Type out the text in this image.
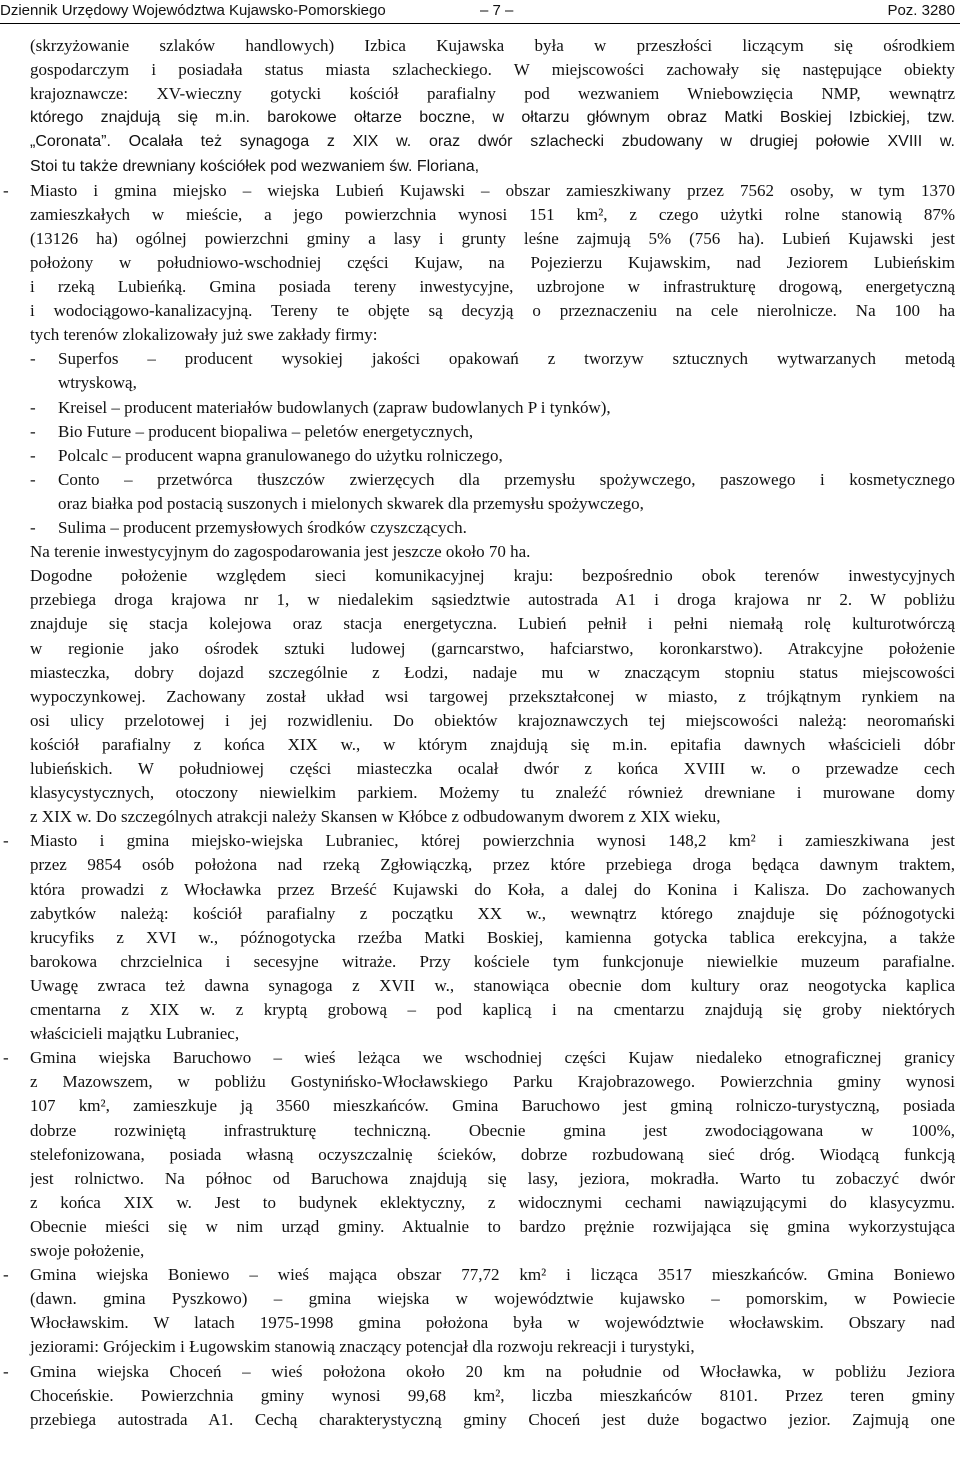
Dziennik Urzędowy Województwa Kujawsko-Pomorskiego	– 7 –	Poz. 3280
(skrzyżowanie szlaków handlowych) Izbica Kujawska była w przeszłości liczącym się ośrodkiem
gospodarczym i posiadała status miasta szlacheckiego. W miejscowości zachowały się następujące obiekty
krajoznawcze: XV-wieczny gotycki kościół parafialny pod wezwaniem Wniebowzięcia NMP, wewnątrz
którego znajdują się m.in. barokowe ołtarze boczne, w ołtarzu głównym obraz Matki Boskiej Izbickiej, tzw.
„Coronata”. Ocalała też synagoga z XIX w. oraz dwór szlachecki zbudowany w drugiej połowie XVIII w.
Stoi tu także drewniany kościółek pod wezwaniem św. Floriana,
- Miasto i gmina miejsko – wiejska Lubień Kujawski – obszar zamieszkiwany przez 7562 osoby, w tym 1370
zamieszkałych w mieście, a jego powierzchnia wynosi 151 km², z czego użytki rolne stanowią 87%
(13126 ha) ogólnej powierzchni gminy a lasy i grunty leśne zajmują 5% (756 ha). Lubień Kujawski jest
położony w południowo-wschodniej części Kujaw, na Pojezierzu Kujawskim, nad Jeziorem Lubieńskim
i rzeką Lubieńką. Gmina posiada tereny inwestycyjne, uzbrojone w infrastrukturę drogową, energetyczną
i wodociągowo-kanalizacyjną. Tereny te objęte są decyzją o przeznaczeniu na cele nierolnicze. Na 100 ha
tych terenów zlokalizowały już swe zakłady firmy:
- Superfos – producent wysokiej jakości opakowań z tworzyw sztucznych wytwarzanych metodą
wtryskową,
- Kreisel – producent materiałów budowlanych (zapraw budowlanych P i tynków),
- Bio Future – producent biopaliwa – peletów energetycznych,
- Polcalc – producent wapna granulowanego do użytku rolniczego,
- Conto – przetwórca tłuszczów zwierzęcych dla przemysłu spożywczego, paszowego i kosmetycznego
oraz białka pod postacią suszonych i mielonych skwarek dla przemysłu spożywczego,
- Sulima – producent przemysłowych środków czyszczących.
Na terenie inwestycyjnym do zagospodarowania jest jeszcze około 70 ha.
Dogodne położenie względem sieci komunikacyjnej kraju: bezpośrednio obok terenów inwestycyjnych
przebiega droga krajowa nr 1, w niedalekim sąsiedztwie autostrada A1 i droga krajowa nr 2. W pobliżu
znajduje się stacja kolejowa oraz stacja energetyczna. Lubień pełnił i pełni niemałą rolę kulturotwórczą
w regionie jako ośrodek sztuki ludowej (garncarstwo, hafciarstwo, koronkarstwo). Atrakcyjne położenie
miasteczka, dobry dojazd szczególnie z Łodzi, nadaje mu w znaczącym stopniu status miejscowości
wypoczynkowej. Zachowany został układ wsi targowej przekształconej w miasto, z trójkątnym rynkiem na
osi ulicy przelotowej i jej rozwidleniu. Do obiektów krajoznawczych tej miejscowości należą: neoromański
kościół parafialny z końca XIX w., w którym znajdują się m.in. epitafia dawnych właścicieli dóbr
lubieńskich. W południowej części miasteczka ocalał dwór z końca XVIII w. o przewadze cech
klasycystycznych, otoczony niewielkim parkiem. Możemy tu znaleźć również drewniane i murowane domy
z XIX w. Do szczególnych atrakcji należy Skansen w Kłóbce z odbudowanym dworem z XIX wieku,
- Miasto i gmina miejsko-wiejska Lubraniec, której powierzchnia wynosi 148,2 km² i zamieszkiwana jest
przez 9854 osób położona nad rzeką Zgłowiączką, przez które przebiega droga będąca dawnym traktem,
która prowadzi z Włocławka przez Brześć Kujawski do Koła, a dalej do Konina i Kalisza. Do zachowanych
zabytków należą: kościół parafialny z początku XX w., wewnątrz którego znajduje się późnogotycki
krucyfiks z XVI w., późnogotycka rzeźba Matki Boskiej, kamienna gotycka tablica erekcyjna, a także
barokowa chrzcielnica i secesyjne witraże. Przy kościele tym funkcjonuje niewielkie muzeum parafialne.
Uwagę zwraca też dawna synagoga z XVII w., stanowiąca obecnie dom kultury oraz neogotycka kaplica
cmentarna z XIX w. z kryptą grobową – pod kaplicą i na cmentarzu znajdują się groby niektórych
właścicieli majątku Lubraniec,
- Gmina wiejska Baruchowo – wieś leżąca we wschodniej części Kujaw niedaleko etnograficznej granicy
z Mazowszem, w pobliżu Gostynińsko-Włocławskiego Parku Krajobrazowego. Powierzchnia gminy wynosi
107 km², zamieszkuje ją 3560 mieszkańców. Gmina Baruchowo jest gminą rolniczo-turystyczną, posiada
dobrze rozwiniętą infrastrukturę techniczną. Obecnie gmina jest zwodociągowana w 100%,
stelefonizowana, posiada własną oczyszczalnię ścieków, dobrze rozbudowaną sieć dróg. Wiodącą funkcją
jest rolnictwo. Na północ od Baruchowa znajdują się lasy, jeziora, mokradła. Warto tu zobaczyć dwór
z końca XIX w. Jest to budynek eklektyczny, z widocznymi cechami nawiązującymi do klasycyzmu.
Obecnie mieści się w nim urząd gminy. Aktualnie to bardzo prężnie rozwijająca się gmina wykorzystująca
swoje położenie,
- Gmina wiejska Boniewo – wieś mająca obszar 77,72 km² i licząca 3517 mieszkańców. Gmina Boniewo
(dawn. gmina Pyszkowo) – gmina wiejska w województwie kujawsko – pomorskim, w Powiecie
Włocławskim. W latach 1975-1998 gmina położona była w województwie włocławskim. Obszary nad
jeziorami: Grójeckim i Ługowskim stanowią znaczący potencjał dla rozwoju rekreacji i turystyki,
- Gmina wiejska Choceń – wieś położona około 20 km na południe od Włocławka, w pobliżu Jeziora
Choceńskie. Powierzchnia gminy wynosi 99,68 km², liczba mieszkańców 8101. Przez teren gminy
przebiega autostrada A1. Cechą charakterystyczną gminy Choceń jest duże bogactwo jezior. Zajmują one
